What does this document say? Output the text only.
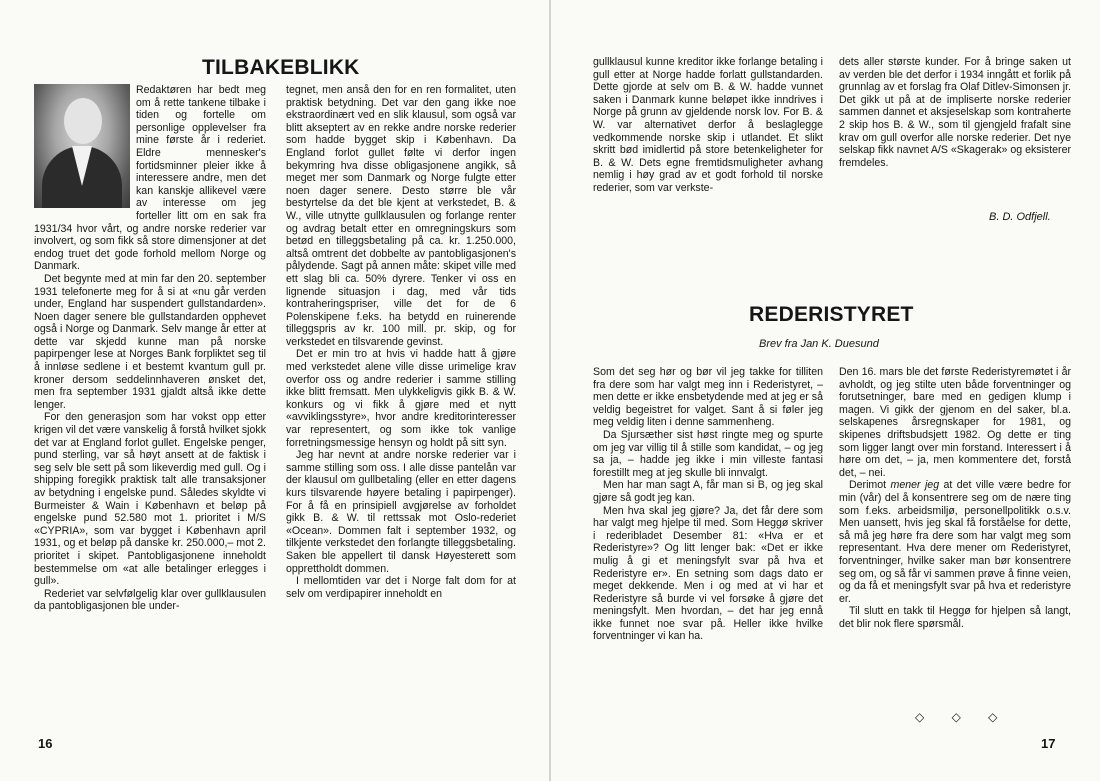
TILBAKEBLIKK

Redaktøren har bedt meg om å rette tankene tilbake i tiden og fortelle om personlige opplevelser fra mine første år i rederiet. Eldre mennesker's fortidsminner pleier ikke å interessere andre, men det kan kanskje allikevel være av interesse om jeg forteller litt om en sak fra 1931/34 hvor vårt, og andre norske rederier var involvert, og som fikk så store dimensjoner at det endog truet det gode forhold mellom Norge og Danmark.

Det begynte med at min far den 20. september 1931 telefonerte meg for å si at «nu går verden under, England har suspendert gullstandarden». Noen dager senere ble gullstandarden opphevet også i Norge og Danmark. Selv mange år etter at dette var skjedd kunne man på norske papirpenger lese at Norges Bank forpliktet seg til å innløse sedlene i et bestemt kvantum gull pr. kroner dersom seddelinnhaveren ønsket det, men fra september 1931 gjaldt altså ikke dette lenger.

For den generasjon som har vokst opp etter krigen vil det være vanskelig å forstå hvilket sjokk det var at England forlot gullet. Engelske penger, pund sterling, var så høyt ansett at de faktisk i seg selv ble sett på som likeverdig med gull. Og i shipping foregikk praktisk talt alle transaksjoner av betydning i engelske pund. Således skyldte vi Burmeister & Wain i København et beløp på engelske pund 52.580 mot 1. prioritet i M/S «CYPRIA», som var bygget i København april 1931, og et beløp på danske kr. 250.000,– mot 2. prioritet i skipet. Pantobligasjonene inneholdt bestemmelse om «at alle betalinger erlegges i gull».

Rederiet var selvfølgelig klar over gullklausulen da pantobligasjonen ble under-

tegnet, men anså den for en ren formalitet, uten praktisk betydning. Det var den gang ikke noe ekstraordinært ved en slik klausul, som også var blitt akseptert av en rekke andre norske rederier som hadde bygget skip i København. Da England forlot gullet følte vi derfor ingen bekymring hva disse obligasjonene angikk, så meget mer som Danmark og Norge fulgte etter noen dager senere. Desto større ble vår bestyrtelse da det ble kjent at verkstedet, B. & W., ville utnytte gullklausulen og forlange renter og avdrag betalt etter en omregningskurs som betød en tilleggsbetaling på ca. kr. 1.250.000, altså omtrent det dobbelte av pantobligasjonen's pålydende. Sagt på annen måte: skipet ville med ett slag bli ca. 50% dyrere. Tenker vi oss en lignende situasjon i dag, med vår tids kontraheringspriser, ville det for de 6 Polenskipene f.eks. ha betydd en ruinerende tilleggspris av kr. 100 mill. pr. skip, og for verkstedet en tilsvarende gevinst.

Det er min tro at hvis vi hadde hatt å gjøre med verkstedet alene ville disse urimelige krav overfor oss og andre rederier i samme stilling ikke blitt fremsatt. Men ulykkeligvis gikk B. & W. konkurs og vi fikk å gjøre med et nytt «avviklingsstyre», hvor andre kreditorinteresser var representert, og som ikke tok vanlige forretningsmessige hensyn og holdt på sitt syn.

Jeg har nevnt at andre norske rederier var i samme stilling som oss. I alle disse pantelån var der klausul om gullbetaling (eller en etter dagens kurs tilsvarende høyere betaling i papirpenger). For å få en prinsipiell avgjørelse av forholdet gikk B. & W. til rettssak mot Oslo-rederiet «Ocean». Dommen falt i september 1932, og tilkjente verkstedet den forlangte tilleggsbetaling. Saken ble appellert til dansk Høyesterett som opprettholdt dommen.

I mellomtiden var det i Norge falt dom for at selv om verdipapirer inneholdt en

16

gullklausul kunne kreditor ikke forlange betaling i gull etter at Norge hadde forlatt gullstandarden. Dette gjorde at selv om B. & W. hadde vunnet saken i Danmark kunne beløpet ikke inndrives i Norge på grunn av gjeldende norsk lov. For B. & W. var alternativet derfor å beslaglegge vedkommende norske skip i utlandet. Et slikt skritt bød imidlertid på store betenkeligheter for B. & W. Dets egne fremtidsmuligheter avhang nemlig i høy grad av et godt forhold til norske rederier, som var verkste-

dets aller største kunder. For å bringe saken ut av verden ble det derfor i 1934 inngått et forlik på grunnlag av et forslag fra Olaf Ditlev-Simonsen jr. Det gikk ut på at de impliserte norske rederier sammen dannet et aksjeselskap som kontraherte 2 skip hos B. & W., som til gjengjeld frafalt sine krav om gull overfor alle norske rederier. Det nye selskap fikk navnet A/S «Skagerak» og eksisterer fremdeles.

B. D. Odfjell.
REDERISTYRET
Brev fra Jan K. Duesund

Som det seg hør og bør vil jeg takke for tilliten fra dere som har valgt meg inn i Rederistyret, – men dette er ikke ensbetydende med at jeg er så veldig begeistret for valget. Sant å si føler jeg meg veldig liten i denne sammenheng.

Da Sjursæther sist høst ringte meg og spurte om jeg var villig til å stille som kandidat, – og jeg sa ja, – hadde jeg ikke i min villeste fantasi forestillt meg at jeg skulle bli innvalgt.

Men har man sagt A, får man si B, og jeg skal gjøre så godt jeg kan.

Men hva skal jeg gjøre? Ja, det får dere som har valgt meg hjelpe til med. Som Heggø skriver i rederibladet Desember 81: «Hva er et Rederistyre»? Og litt lenger bak: «Det er ikke mulig å gi et meningsfylt svar på hva et Rederistyre er». En setning som dags dato er meget dekkende. Men i og med at vi har et Rederistyre så burde vi vel forsøke å gjøre det meningsfylt. Men hvordan, – det har jeg ennå ikke funnet noe svar på. Heller ikke hvilke forventninger vi kan ha.

Den 16. mars ble det første Rederistyremøtet i år avholdt, og jeg stilte uten både forventninger og forutsetninger, bare med en gedigen klump i magen. Vi gikk der gjenom en del saker, bl.a. selskapenes årsregnskaper for 1981, og skipenes driftsbudsjett 1982. Og dette er ting som ligger langt over min forstand. Interessert i å høre om det, – ja, men kommentere det, forstå det, – nei.

Derimot mener jeg at det ville være bedre for min (vår) del å konsentrere seg om de nære ting som f.eks. arbeidsmiljø, personellpolitikk o.s.v. Men uansett, hvis jeg skal få forståelse for dette, så må jeg høre fra dere som har valgt meg som representant. Hva dere mener om Rederistyret, forventninger, hvilke saker man bør konsentrere seg om, og så får vi sammen prøve å finne veien, og da få et meningsfylt svar på hva et rederistyre er.

Til slutt en takk til Heggø for hjelpen så langt, det blir nok flere spørsmål.

◇ ◇ ◇
17
